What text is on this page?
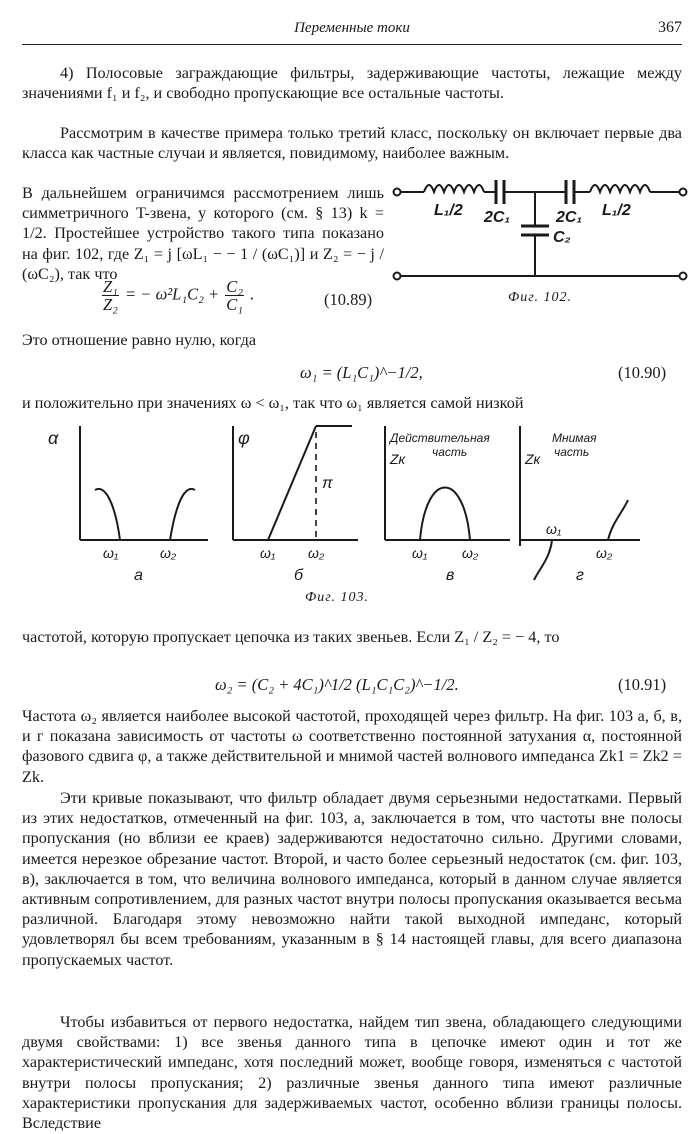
Переменные токи	367

4) Полосовые заграждающие фильтры, задерживающие частоты, лежащие между значениями f₁ и f₂, и свободно пропускающие все остальные частоты.

Рассмотрим в качестве примера только третий класс, поскольку он включает первые два класса как частные случаи и является, повидимому, наиболее важным.

В дальнейшем ограничимся рассмотрением лишь симметричного T-звена, у которого (см. § 13) k = 1/2. Простейшее устройство такого типа показано на фиг. 102, где Z₁ = j [ωL₁ − − 1 / (ωC₁)] и Z₂ = − j / (ωC₂), так что

$\frac{\text{Z₁}}{\text{Z₂}}$ = − $\omega^2L_1C_2 + \frac{\text{C₂}}{\text{C₁}}$ .	(10.89)
L₁/2 2C₁	2C₁ L₁/2
C₂
Фиг. 102.

Это отношение равно нулю, когда

ω₁ = (L₁C₁)^−1/2,	(10.90)

и положительно при значениях ω < ω₁, так что ω₁ является самой низкой

α
ω₁	ω₂
а
φ
π
ω₁ ω₂
б
Действительная
часть
Zк
ω₁ ω₂
в
Мнимая
часть
Zк
ω₁
ω₂
г
Фиг. 103.

частотой, которую пропускает цепочка из таких звеньев. Если Z₁ / Z₂ = − 4, то

ω₂ = (C₂ + 4C₁)^1/2 (L₁C₁C₂)^−1/2.	(10.91)

Частота ω₂ является наиболее высокой частотой, проходящей через фильтр. На фиг. 103 а, б, в, и г показана зависимость от частоты ω соответственно постоянной затухания α, постоянной фазового сдвига φ, а также действительной и мнимой частей волнового импеданса Zk1 = Zk2 = Zk.

Эти кривые показывают, что фильтр обладает двумя серьезными недостатками. Первый из этих недостатков, отмеченный на фиг. 103, а, заключается в том, что частоты вне полосы пропускания (но вблизи ее краев) задерживаются недостаточно сильно. Другими словами, имеется нерезкое обрезание частот. Второй, и часто более серьезный недостаток (см. фиг. 103, в), заключается в том, что величина волнового импеданса, который в данном случае является активным сопротивлением, для разных частот внутри полосы пропускания оказывается весьма различной. Благодаря этому невозможно найти такой выходной импеданс, который удовлетворял бы всем требованиям, указанным в § 14 настоящей главы, для всего диапазона пропускаемых частот.

Чтобы избавиться от первого недостатка, найдем тип звена, обладающего следующими двумя свойствами: 1) все звенья данного типа в цепочке имеют один и тот же характеристический импеданс, хотя последний может, вообще говоря, изменяться с частотой внутри полосы пропускания; 2) различные звенья данного типа имеют различные характеристики пропускания для задерживаемых частот, особенно вблизи границы полосы. Вследствие
